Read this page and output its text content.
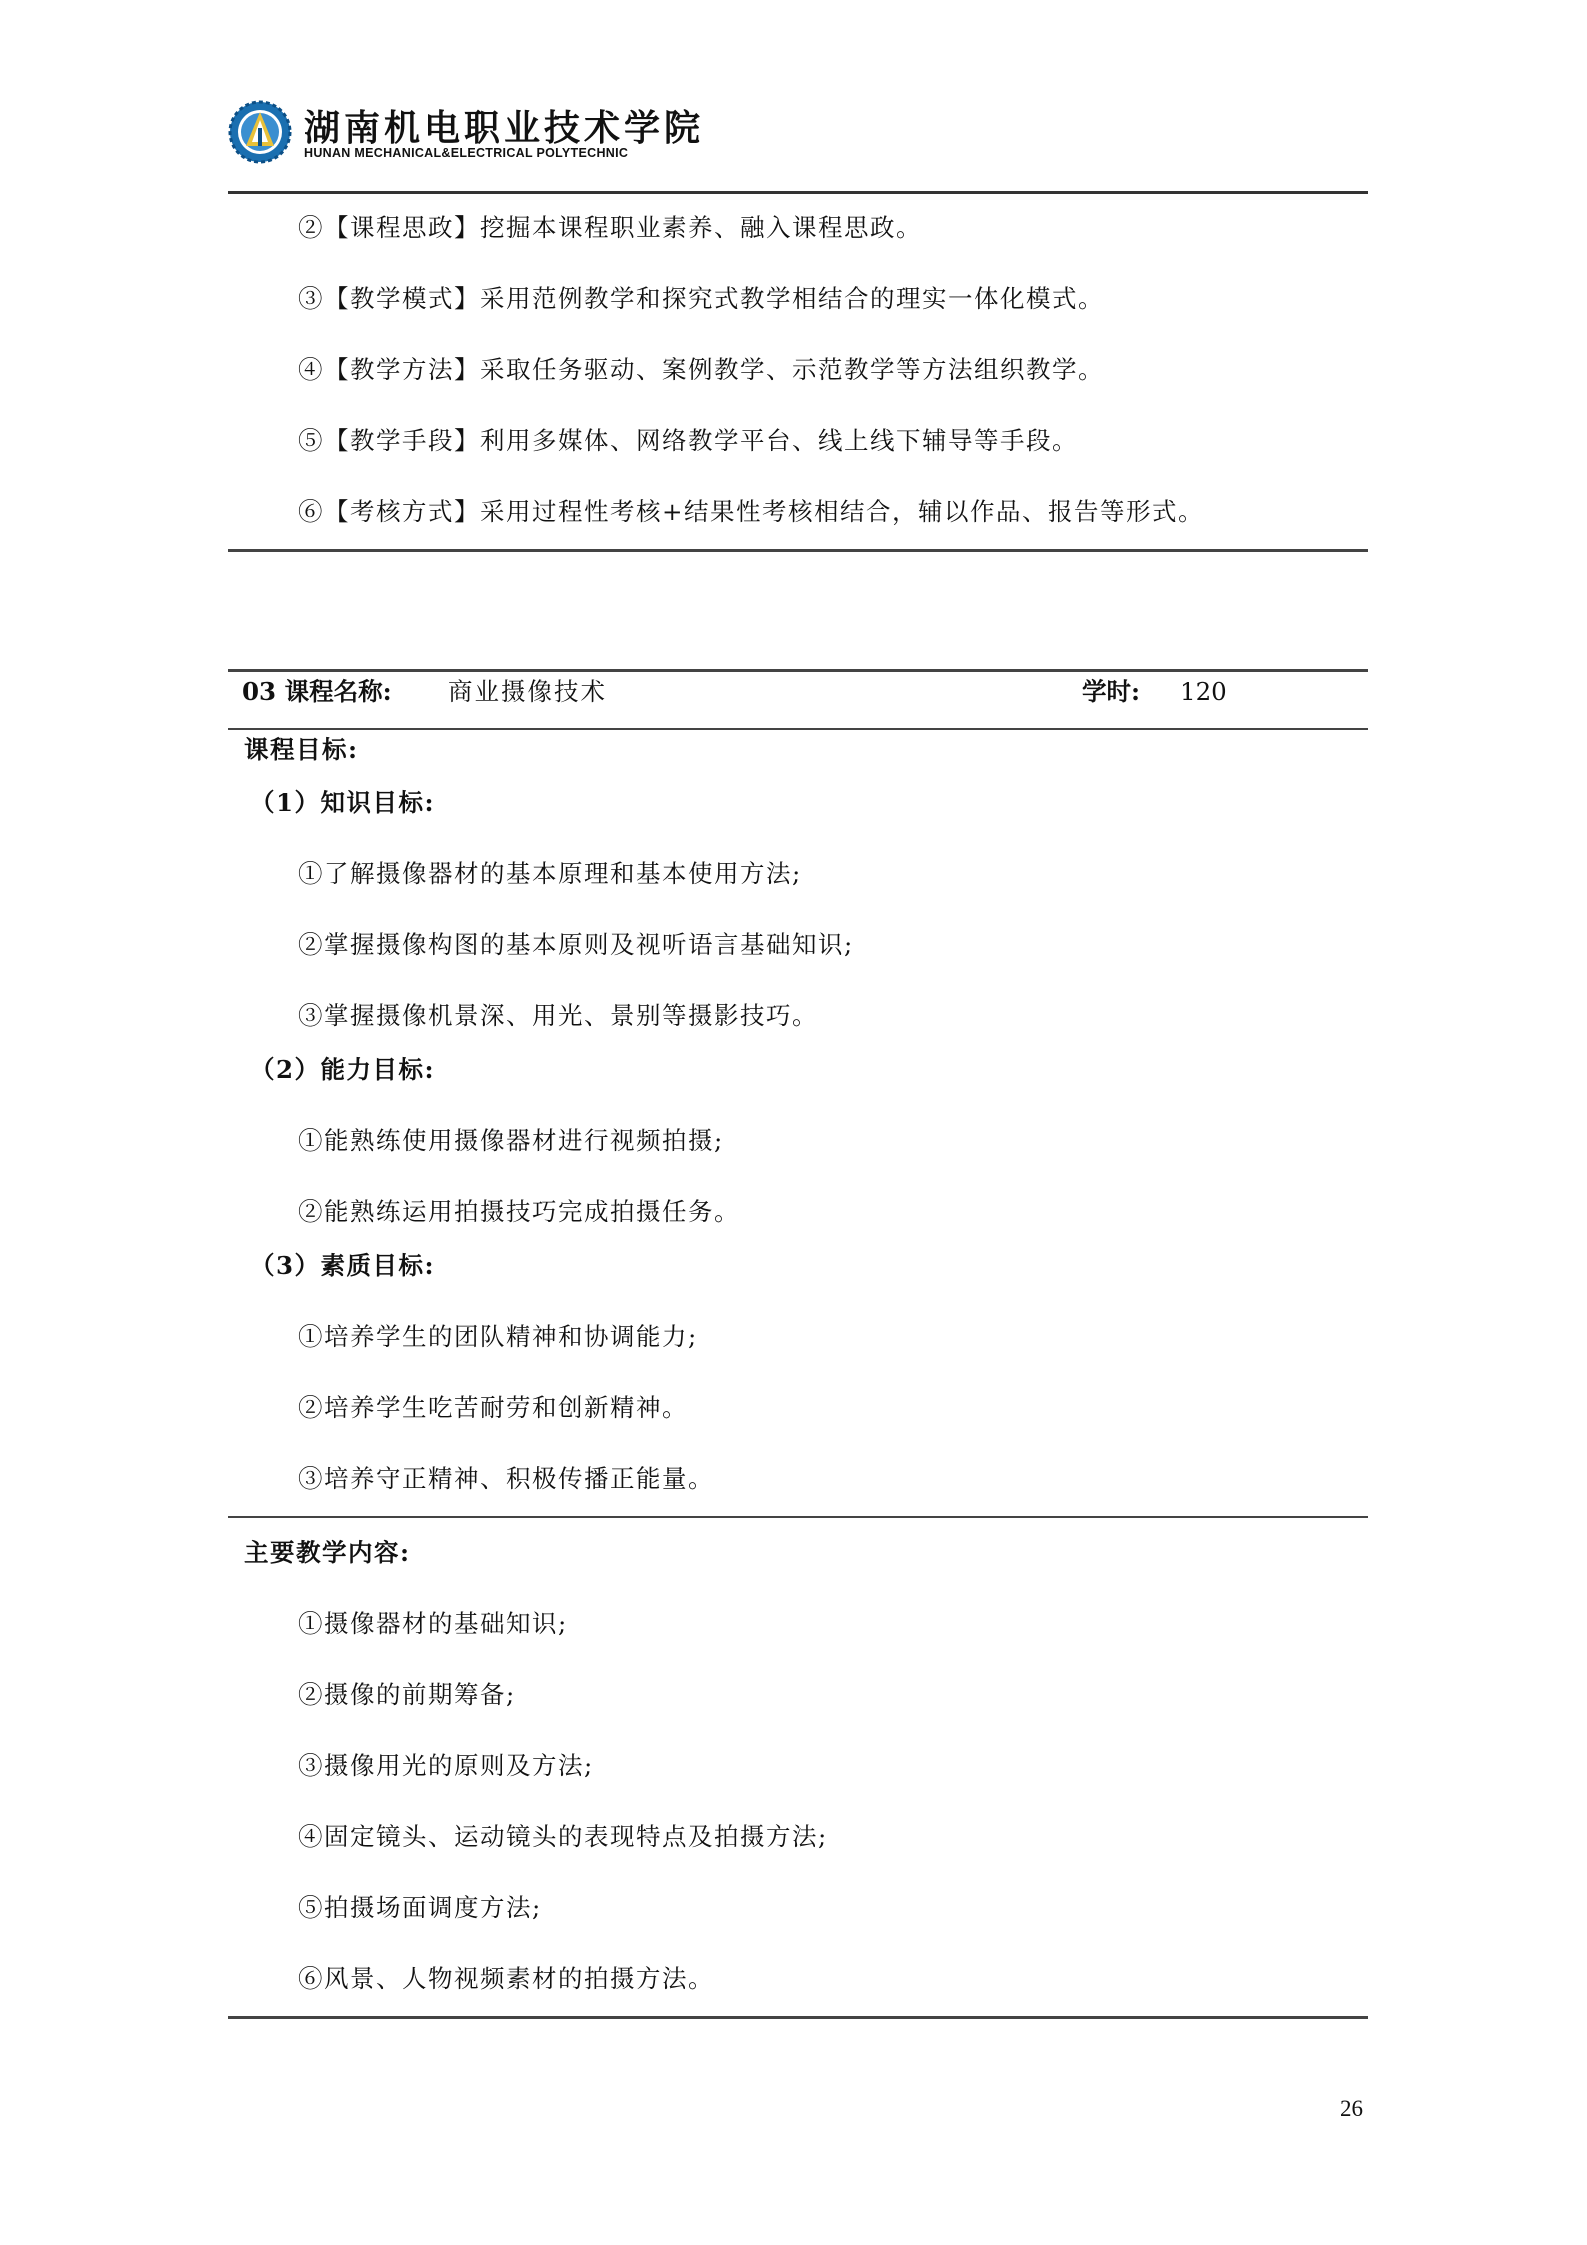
湖南机电职业技术学院
HUNAN MECHANICAL&ELECTRICAL POLYTECHNIC
②【课程思政】挖掘本课程职业素养、融入课程思政。
③【教学模式】采用范例教学和探究式教学相结合的理实一体化模式。
④【教学方法】采取任务驱动、案例教学、示范教学等方法组织教学。
⑤【教学手段】利用多媒体、网络教学平台、线上线下辅导等手段。
⑥【考核方式】采用过程性考核+结果性考核相结合，辅以作品、报告等形式。
03 课程名称: 商业摄像技术	学时: 120
课程目标:
（1）知识目标:
①了解摄像器材的基本原理和基本使用方法;
②掌握摄像构图的基本原则及视听语言基础知识;
③掌握摄像机景深、用光、景别等摄影技巧。
（2）能力目标:
①能熟练使用摄像器材进行视频拍摄;
②能熟练运用拍摄技巧完成拍摄任务。
（3）素质目标:
①培养学生的团队精神和协调能力;
②培养学生吃苦耐劳和创新精神。
③培养守正精神、积极传播正能量。
主要教学内容:
①摄像器材的基础知识;
②摄像的前期筹备;
③摄像用光的原则及方法;
④固定镜头、运动镜头的表现特点及拍摄方法;
⑤拍摄场面调度方法;
⑥风景、人物视频素材的拍摄方法。
26
